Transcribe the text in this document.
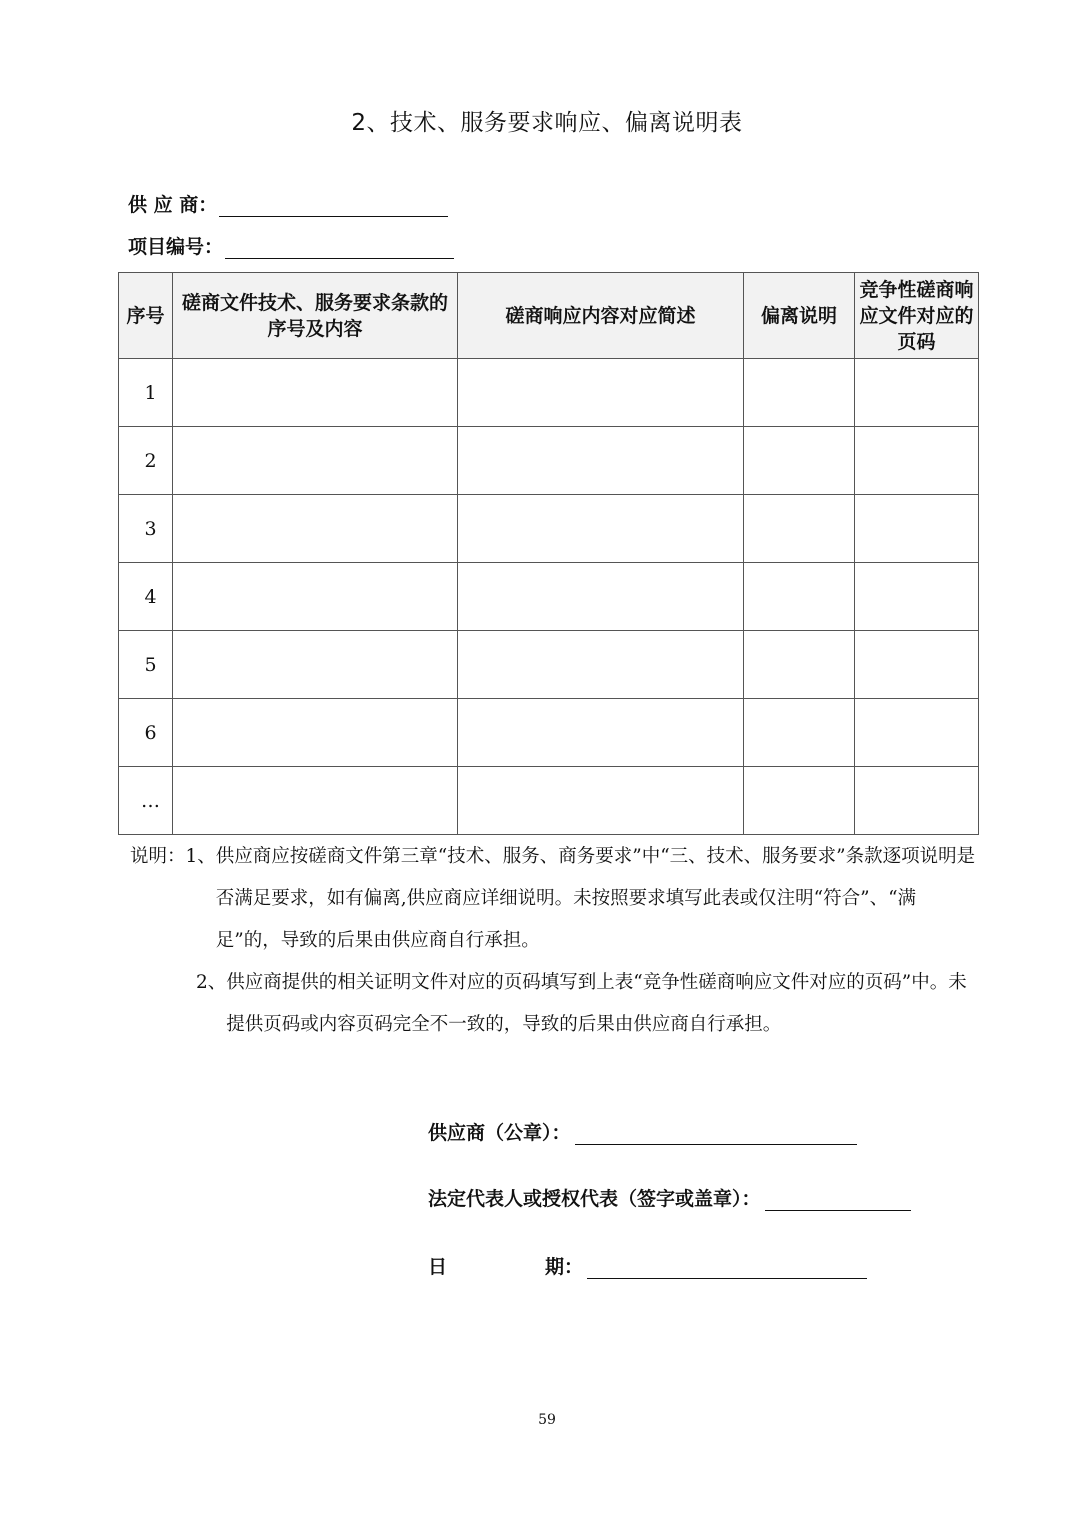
2、技术、服务要求响应、偏离说明表
供 应 商：
项目编号：
序号	磋商文件技术、服务要求条款的序号及内容	磋商响应内容对应简述	偏离说明	竞争性磋商响应文件对应的页码
1				
2				
3				
4				
5				
6				
…				
说明： 1、 供应商应按磋商文件第三章“技术、服务、商务要求”中“三、技术、服务要求”条款逐项说明是否满足要求，如有偏离,供应商应详细说明。未按照要求填写此表或仅注明“符合”、“满足”的，导致的后果由供应商自行承担。
2、 供应商提供的相关证明文件对应的页码填写到上表“竞争性磋商响应文件对应的页码”中。未提供页码或内容页码完全不一致的，导致的后果由供应商自行承担。
供应商（公章）：
法定代表人或授权代表（签字或盖章）：
日	期：
59
